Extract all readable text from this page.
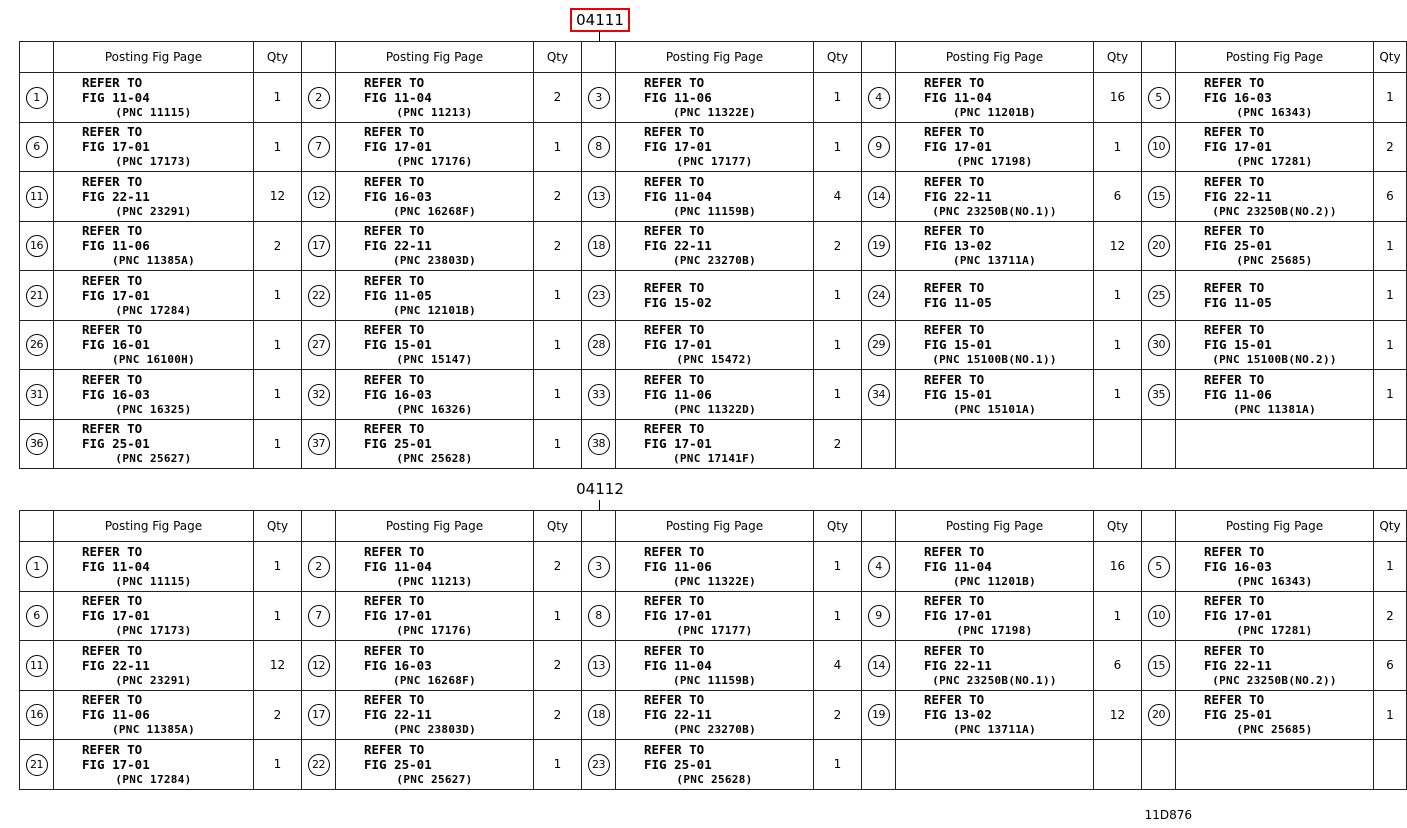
04111
	Posting Fig Page	Qty		Posting Fig Page	Qty		Posting Fig Page	Qty		Posting Fig Page	Qty		Posting Fig Page	Qty
1	REFER TO
FIG 11-04
(PNC 11115)	1	2	REFER TO
FIG 11-04
(PNC 11213)	2	3	REFER TO
FIG 11-06
(PNC 11322E)	1	4	REFER TO
FIG 11-04
(PNC 11201B)	16	5	REFER TO
FIG 16-03
(PNC 16343)	1
6	REFER TO
FIG 17-01
(PNC 17173)	1	7	REFER TO
FIG 17-01
(PNC 17176)	1	8	REFER TO
FIG 17-01
(PNC 17177)	1	9	REFER TO
FIG 17-01
(PNC 17198)	1	10	REFER TO
FIG 17-01
(PNC 17281)	2
11	REFER TO
FIG 22-11
(PNC 23291)	12	12	REFER TO
FIG 16-03
(PNC 16268F)	2	13	REFER TO
FIG 11-04
(PNC 11159B)	4	14	REFER TO
FIG 22-11
(PNC 23250B(NO.1))	6	15	REFER TO
FIG 22-11
(PNC 23250B(NO.2))	6
16	REFER TO
FIG 11-06
(PNC 11385A)	2	17	REFER TO
FIG 22-11
(PNC 23803D)	2	18	REFER TO
FIG 22-11
(PNC 23270B)	2	19	REFER TO
FIG 13-02
(PNC 13711A)	12	20	REFER TO
FIG 25-01
(PNC 25685)	1
21	REFER TO
FIG 17-01
(PNC 17284)	1	22	REFER TO
FIG 11-05
(PNC 12101B)	1	23	REFER TO
FIG 15-02	1	24	REFER TO
FIG 11-05	1	25	REFER TO
FIG 11-05	1
26	REFER TO
FIG 16-01
(PNC 16100H)	1	27	REFER TO
FIG 15-01
(PNC 15147)	1	28	REFER TO
FIG 17-01
(PNC 15472)	1	29	REFER TO
FIG 15-01
(PNC 15100B(NO.1))	1	30	REFER TO
FIG 15-01
(PNC 15100B(NO.2))	1
31	REFER TO
FIG 16-03
(PNC 16325)	1	32	REFER TO
FIG 16-03
(PNC 16326)	1	33	REFER TO
FIG 11-06
(PNC 11322D)	1	34	REFER TO
FIG 15-01
(PNC 15101A)	1	35	REFER TO
FIG 11-06
(PNC 11381A)	1
36	REFER TO
FIG 25-01
(PNC 25627)	1	37	REFER TO
FIG 25-01
(PNC 25628)	1	38	REFER TO
FIG 17-01
(PNC 17141F)	2						
04112
	Posting Fig Page	Qty		Posting Fig Page	Qty		Posting Fig Page	Qty		Posting Fig Page	Qty		Posting Fig Page	Qty
1	REFER TO
FIG 11-04
(PNC 11115)	1	2	REFER TO
FIG 11-04
(PNC 11213)	2	3	REFER TO
FIG 11-06
(PNC 11322E)	1	4	REFER TO
FIG 11-04
(PNC 11201B)	16	5	REFER TO
FIG 16-03
(PNC 16343)	1
6	REFER TO
FIG 17-01
(PNC 17173)	1	7	REFER TO
FIG 17-01
(PNC 17176)	1	8	REFER TO
FIG 17-01
(PNC 17177)	1	9	REFER TO
FIG 17-01
(PNC 17198)	1	10	REFER TO
FIG 17-01
(PNC 17281)	2
11	REFER TO
FIG 22-11
(PNC 23291)	12	12	REFER TO
FIG 16-03
(PNC 16268F)	2	13	REFER TO
FIG 11-04
(PNC 11159B)	4	14	REFER TO
FIG 22-11
(PNC 23250B(NO.1))	6	15	REFER TO
FIG 22-11
(PNC 23250B(NO.2))	6
16	REFER TO
FIG 11-06
(PNC 11385A)	2	17	REFER TO
FIG 22-11
(PNC 23803D)	2	18	REFER TO
FIG 22-11
(PNC 23270B)	2	19	REFER TO
FIG 13-02
(PNC 13711A)	12	20	REFER TO
FIG 25-01
(PNC 25685)	1
21	REFER TO
FIG 17-01
(PNC 17284)	1	22	REFER TO
FIG 25-01
(PNC 25627)	1	23	REFER TO
FIG 25-01
(PNC 25628)	1						
11D876
